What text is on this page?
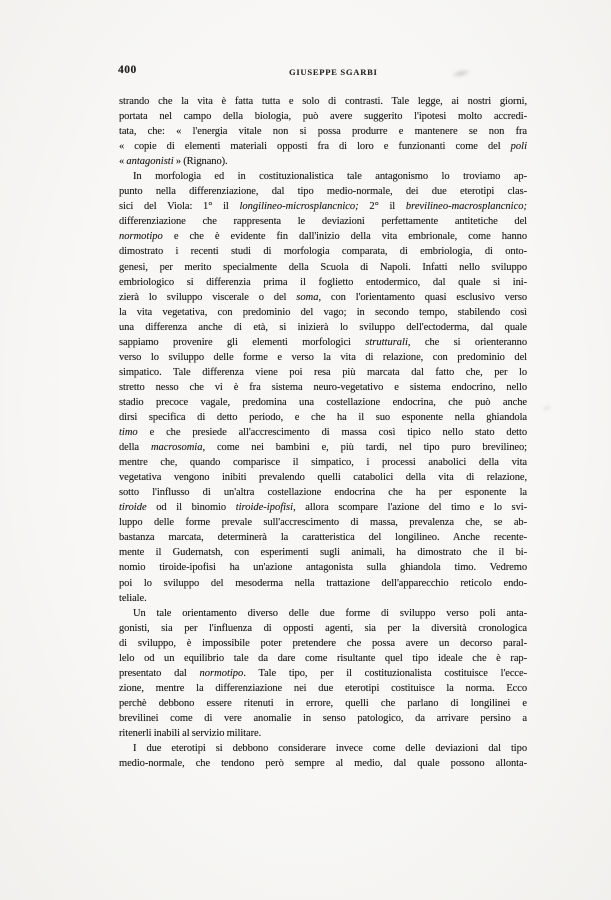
400	GIUSEPPE SGARBI
strando che la vita è fatta tutta e solo di contrasti. Tale legge, ai nostri giorni,
portata nel campo della biologia, può avere suggerito l'ipotesi molto accredi-
tata, che: « l'energia vitale non si possa produrre e mantenere se non fra
« copie di elementi materiali opposti fra di loro e funzionanti come del poli
« antagonisti » (Rignano).
In morfologia ed in costituzionalistica tale antagonismo lo troviamo ap-
punto nella differenziazione, dal tipo medio-normale, dei due eterotipi clas-
sici del Viola: 1° il longilineo-microsplancnico; 2° il brevilineo-macrosplancnico;
differenziazione che rappresenta le deviazioni perfettamente antitetiche del
normotipo e che è evidente fin dall'inizio della vita embrionale, come hanno
dimostrato i recenti studi di morfologia comparata, di embriologia, di onto-
genesi, per merito specialmente della Scuola di Napoli. Infatti nello sviluppo
embriologico si differenzia prima il foglietto entodermico, dal quale si ini-
zierà lo sviluppo viscerale o del soma, con l'orientamento quasi esclusivo verso
la vita vegetativa, con predominio del vago; in secondo tempo, stabilendo così
una differenza anche di età, si inizierà lo sviluppo dell'ectoderma, dal quale
sappiamo provenire gli elementi morfologici strutturali, che si orienteranno
verso lo sviluppo delle forme e verso la vita di relazione, con predominio del
simpatico. Tale differenza viene poi resa più marcata dal fatto che, per lo
stretto nesso che vi è fra sistema neuro-vegetativo e sistema endocrino, nello
stadio precoce vagale, predomina una costellazione endocrina, che può anche
dirsi specifica di detto periodo, e che ha il suo esponente nella ghiandola
timo e che presiede all'accrescimento di massa così tipico nello stato detto
della macrosomia, come nei bambini e, più tardi, nel tipo puro brevilineo;
mentre che, quando comparisce il simpatico, i processi anabolici della vita
vegetativa vengono inibiti prevalendo quelli catabolici della vita di relazione,
sotto l'influsso di un'altra costellazione endocrina che ha per esponente la
tiroide od il binomio tiroide-ipofisi, allora scompare l'azione del timo e lo svi-
luppo delle forme prevale sull'accrescimento di massa, prevalenza che, se ab-
bastanza marcata, determinerà la caratteristica del longilineo. Anche recente-
mente il Gudernatsh, con esperimenti sugli animali, ha dimostrato che il bi-
nomio tiroide-ipofisi ha un'azione antagonista sulla ghiandola timo. Vedremo
poi lo sviluppo del mesoderma nella trattazione dell'apparecchio reticolo endo-
teliale.
Un tale orientamento diverso delle due forme di sviluppo verso poli anta-
gonisti, sia per l'influenza di opposti agenti, sia per la diversità cronologica
di sviluppo, è impossibile poter pretendere che possa avere un decorso paral-
lelo od un equilibrio tale da dare come risultante quel tipo ideale che è rap-
presentato dal normotipo. Tale tipo, per il costituzionalista costituisce l'ecce-
zione, mentre la differenziazione nei due eterotipi costituisce la norma. Ecco
perchè debbono essere ritenuti in errore, quelli che parlano di longilinei e
brevilinei come di vere anomalie in senso patologico, da arrivare persino a
ritenerli inabili al servizio militare.
I due eterotipi si debbono considerare invece come delle deviazioni dal tipo
medio-normale, che tendono però sempre al medio, dal quale possono allonta-
